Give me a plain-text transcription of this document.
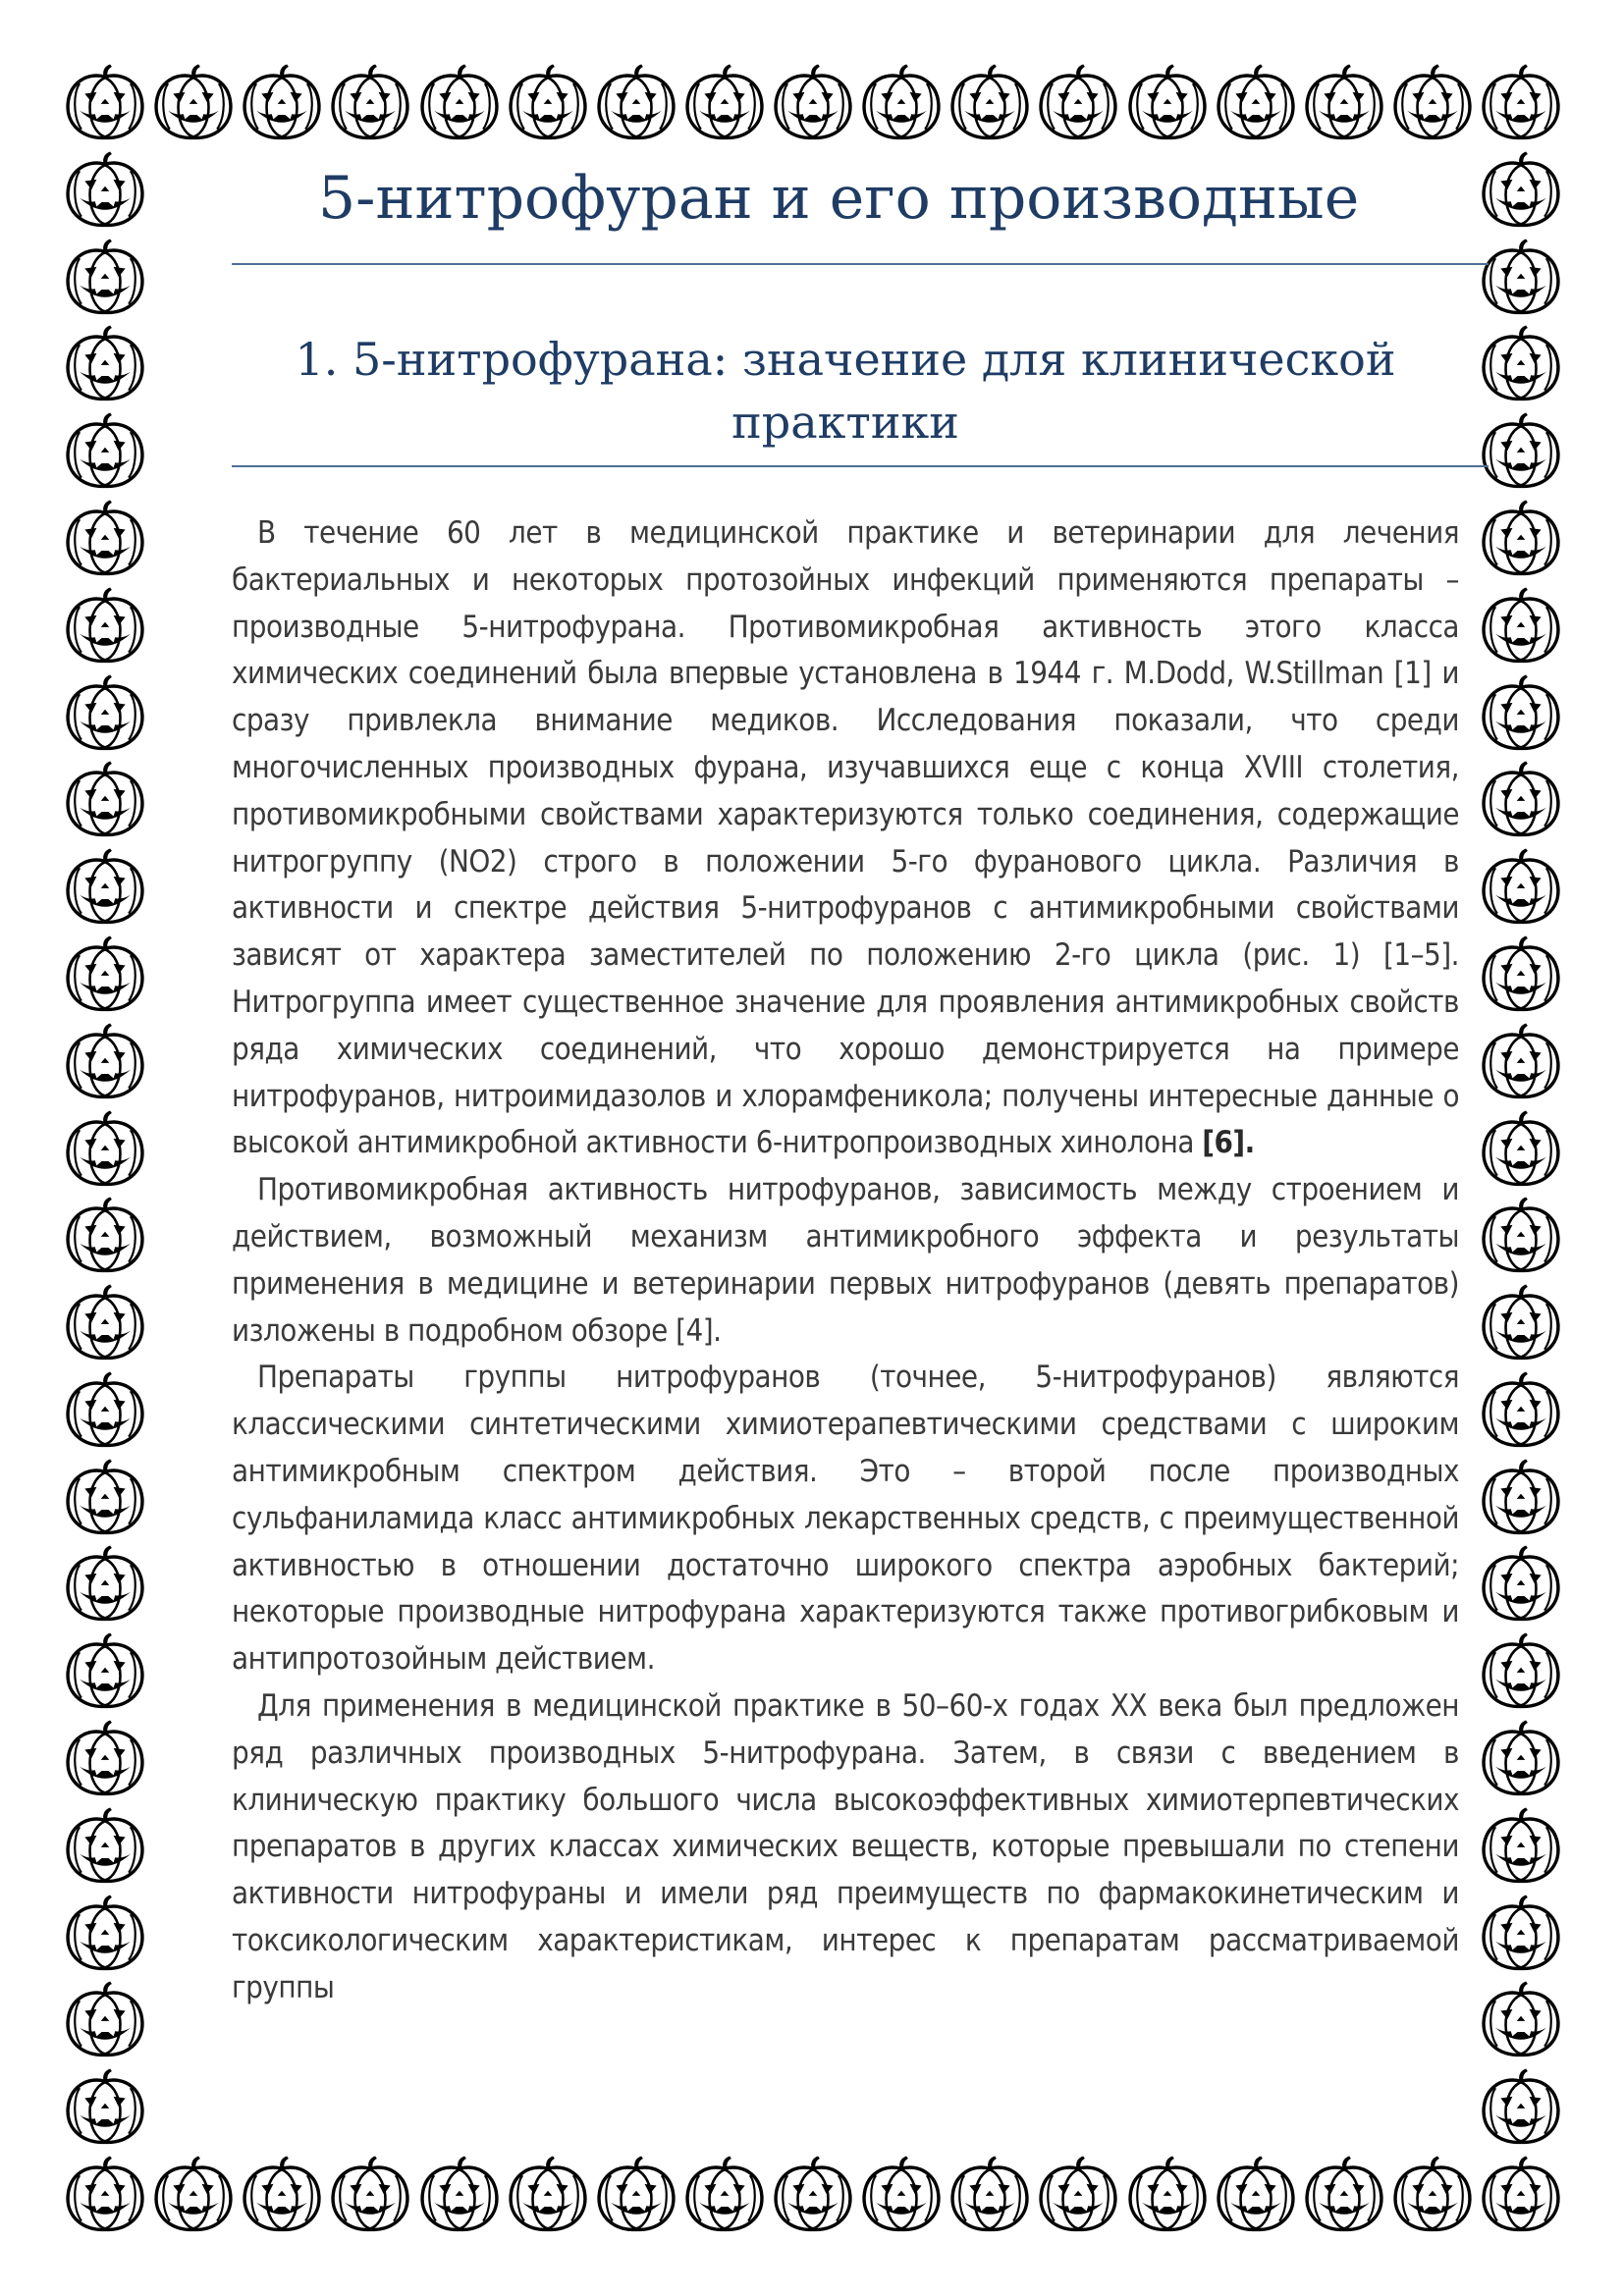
5-нитрофуран и его производные
1. 5-нитрофурана: значение для клинической практики

В течение 60 лет в медицинской практике и ветеринарии для лечения бактериальных и некоторых протозойных инфекций применяются препараты – производные 5-нитрофурана. Противомикробная активность этого класса химических соединений была впервые установлена в 1944 г. M.Dodd, W.Stillman [1] и сразу привлекла внимание медиков. Исследования показали, что среди многочисленных производных фурана, изучавшихся еще с конца XVIII столетия, противомикробными свойствами характеризуются только соединения, содержащие нитрогруппу (NO2) строго в положении 5-го фуранового цикла. Различия в активности и спектре действия 5-нитрофуранов с антимикробными свойствами зависят от характера заместителей по положению 2-го цикла (рис. 1) [1–5]. Нитрогруппа имеет существенное значение для проявления антимикробных свойств ряда химических соединений, что хорошо демонстрируется на примере нитрофуранов, нитроимидазолов и хлорамфеникола; получены интересные данные о высокой антимикробной активности 6-нитропроизводных хинолона [6].

Противомикробная активность нитрофуранов, зависимость между строением и действием, возможный механизм антимикробного эффекта и результаты применения в медицине и ветеринарии первых нитрофуранов (девять препаратов) изложены в подробном обзоре [4].

Препараты группы нитрофуранов (точнее, 5-нитрофуранов) являются классическими синтетическими химиотерапевтическими средствами с широким антимикробным спектром действия. Это – второй после производных сульфаниламида класс антимикробных лекарственных средств, с преимущественной активностью в отношении достаточно широкого спектра аэробных бактерий; некоторые производные нитрофурана характеризуются также противогрибковым и антипротозойным действием.

Для применения в медицинской практике в 50–60-х годах XX века был предложен ряд различных производных 5-нитрофурана. Затем, в связи с введением в клиническую практику большого числа высокоэффективных химиотерпевтических препаратов в других классах химических веществ, которые превышали по степени активности нитрофураны и имели ряд преимуществ по фармакокинетическим и токсикологическим характеристикам, интерес к препаратам рассматриваемой группы
